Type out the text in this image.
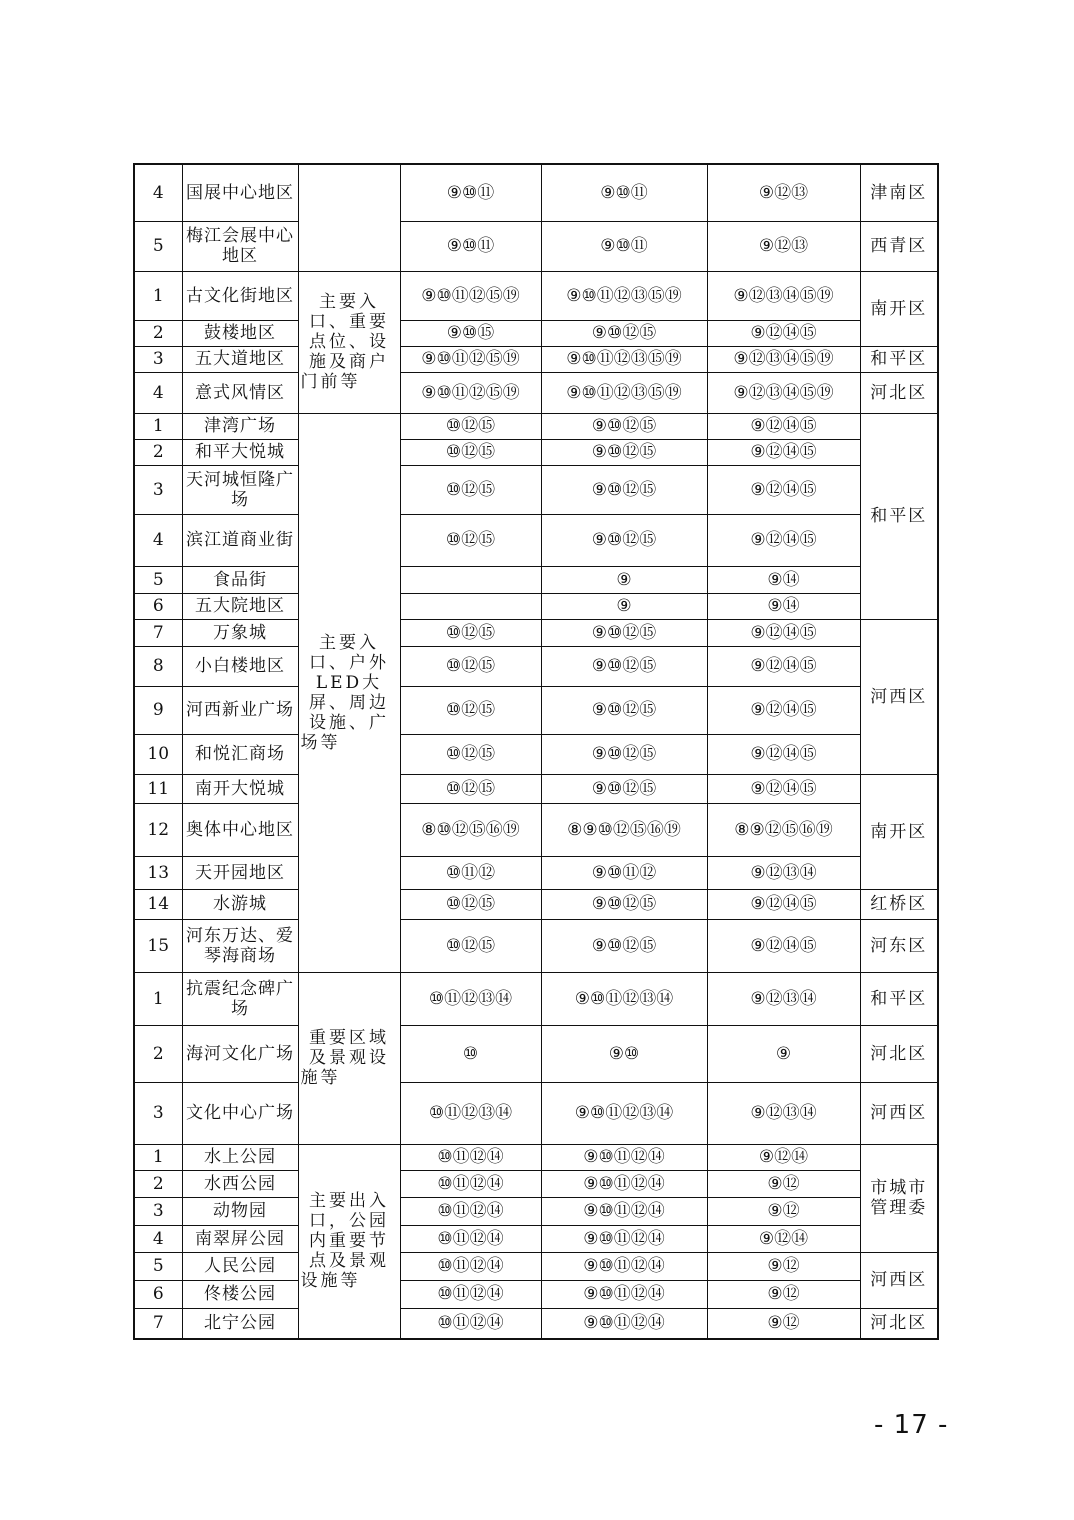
4	国展中心地区		⑨⑩⑪	⑨⑩⑪	⑨⑫⑬	津南区
5	梅江会展中心地区		⑨⑩⑪	⑨⑩⑪	⑨⑫⑬	西青区
1	古文化街地区	主要入口、重要点位、设施及商户门前等	⑨⑩⑪⑫⑮⑲	⑨⑩⑪⑫⑬⑮⑲	⑨⑫⑬⑭⑮⑲	南开区
2	鼓楼地区		⑨⑩⑮	⑨⑩⑫⑮	⑨⑫⑭⑮	
3	五大道地区		⑨⑩⑪⑫⑮⑲	⑨⑩⑪⑫⑬⑮⑲	⑨⑫⑬⑭⑮⑲	和平区
4	意式风情区		⑨⑩⑪⑫⑮⑲	⑨⑩⑪⑫⑬⑮⑲	⑨⑫⑬⑭⑮⑲	河北区
1	津湾广场	主要入口、户外LED大屏、周边设施、广场等	⑩⑫⑮	⑨⑩⑫⑮	⑨⑫⑭⑮	和平区
2	和平大悦城		⑩⑫⑮	⑨⑩⑫⑮	⑨⑫⑭⑮	
3	天河城恒隆广场		⑩⑫⑮	⑨⑩⑫⑮	⑨⑫⑭⑮	
4	滨江道商业街		⑩⑫⑮	⑨⑩⑫⑮	⑨⑫⑭⑮	
5	食品街			⑨	⑨⑭	
6	五大院地区			⑨	⑨⑭	
7	万象城		⑩⑫⑮	⑨⑩⑫⑮	⑨⑫⑭⑮	河西区
8	小白楼地区		⑩⑫⑮	⑨⑩⑫⑮	⑨⑫⑭⑮	
9	河西新业广场		⑩⑫⑮	⑨⑩⑫⑮	⑨⑫⑭⑮	
10	和悦汇商场		⑩⑫⑮	⑨⑩⑫⑮	⑨⑫⑭⑮	
11	南开大悦城		⑩⑫⑮	⑨⑩⑫⑮	⑨⑫⑭⑮	南开区
12	奥体中心地区		⑧⑩⑫⑮⑯⑲	⑧⑨⑩⑫⑮⑯⑲	⑧⑨⑫⑮⑯⑲	
13	天开园地区		⑩⑪⑫	⑨⑩⑪⑫	⑨⑫⑬⑭	
14	水游城		⑩⑫⑮	⑨⑩⑫⑮	⑨⑫⑭⑮	红桥区
15	河东万达、爱琴海商场		⑩⑫⑮	⑨⑩⑫⑮	⑨⑫⑭⑮	河东区
1	抗震纪念碑广场	重要区域及景观设施等	⑩⑪⑫⑬⑭	⑨⑩⑪⑫⑬⑭	⑨⑫⑬⑭	和平区
2	海河文化广场		⑩	⑨⑩	⑨	河北区
3	文化中心广场		⑩⑪⑫⑬⑭	⑨⑩⑪⑫⑬⑭	⑨⑫⑬⑭	河西区
1	水上公园	主要出入口，公园内重要节点及景观设施等	⑩⑪⑫⑭	⑨⑩⑪⑫⑭	⑨⑫⑭	市城市管理委
2	水西公园		⑩⑪⑫⑭	⑨⑩⑪⑫⑭	⑨⑫	
3	动物园		⑩⑪⑫⑭	⑨⑩⑪⑫⑭	⑨⑫	
4	南翠屏公园		⑩⑪⑫⑭	⑨⑩⑪⑫⑭	⑨⑫⑭	
5	人民公园		⑩⑪⑫⑭	⑨⑩⑪⑫⑭	⑨⑫	河西区
6	佟楼公园		⑩⑪⑫⑭	⑨⑩⑪⑫⑭	⑨⑫	
7	北宁公园		⑩⑪⑫⑭	⑨⑩⑪⑫⑭	⑨⑫	河北区
- 17 -
